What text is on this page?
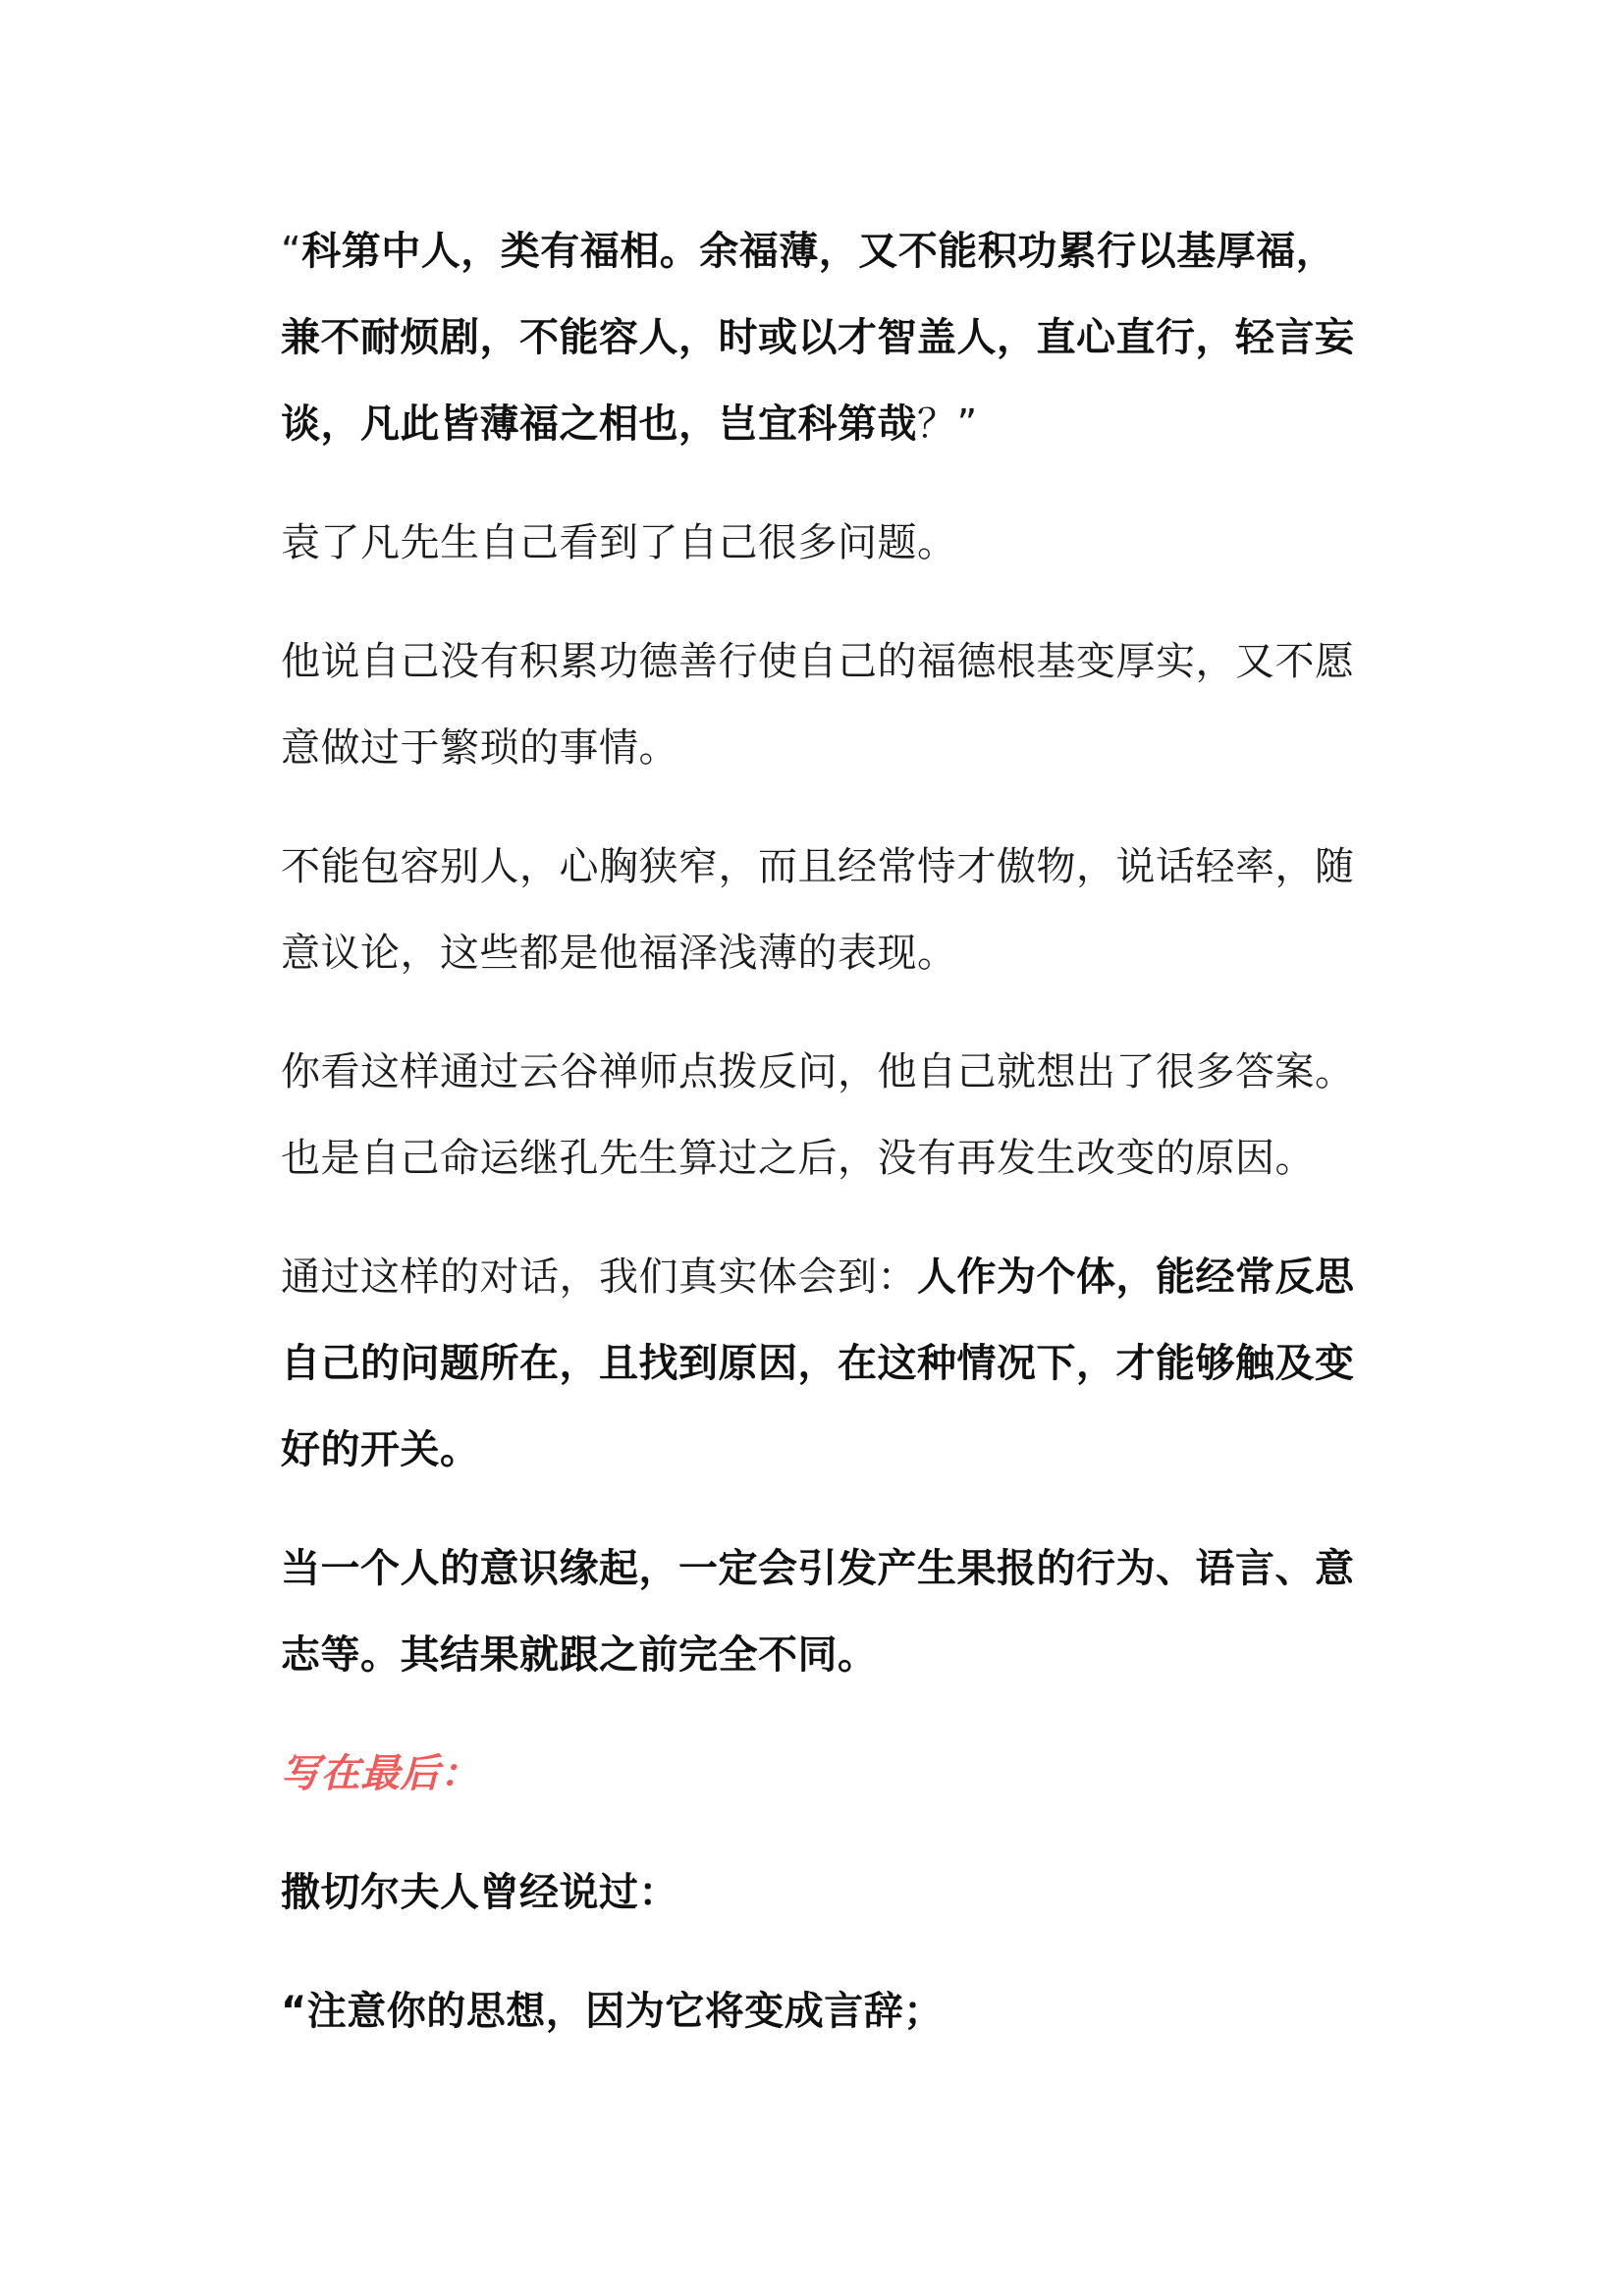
“科第中人，类有福相。余福薄，又不能积功累行以基厚福，兼不耐烦剧，不能容人，时或以才智盖人，直心直行，轻言妄谈，凡此皆薄福之相也，岂宜科第哉？”

袁了凡先生自己看到了自己很多问题。

他说自己没有积累功德善行使自己的福德根基变厚实，又不愿意做过于繁琐的事情。

不能包容别人，心胸狭窄，而且经常恃才傲物，说话轻率，随意议论，这些都是他福泽浅薄的表现。

你看这样通过云谷禅师点拨反问，他自己就想出了很多答案。也是自己命运继孔先生算过之后，没有再发生改变的原因。

通过这样的对话，我们真实体会到：人作为个体，能经常反思自己的问题所在，且找到原因，在这种情况下，才能够触及变好的开关。

当一个人的意识缘起，一定会引发产生果报的行为、语言、意志等。其结果就跟之前完全不同。

写在最后：

撒切尔夫人曾经说过：

“注意你的思想，因为它将变成言辞；
